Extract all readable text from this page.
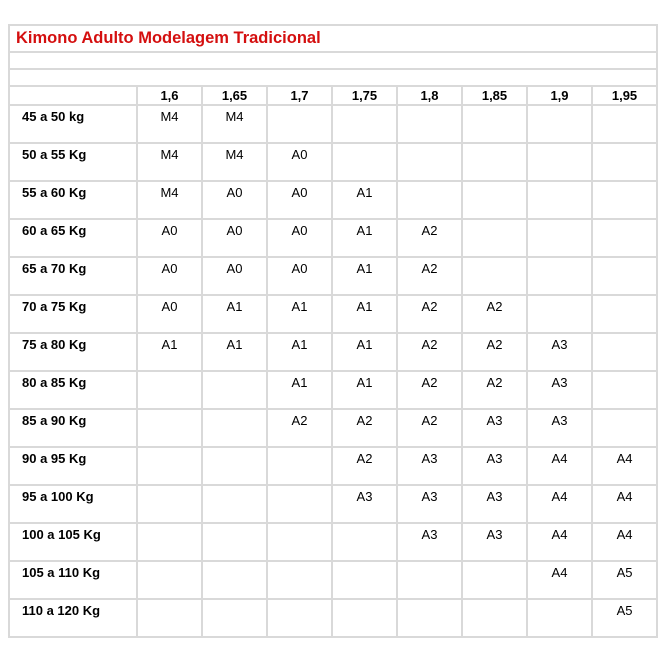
Kimono Adulto Modelagem Tradicional								

	1,6	1,65	1,7	1,75	1,8	1,85	1,9	1,95
45 a 50 kg	M4	M4						
50 a 55 Kg	M4	M4	A0					
55 a 60 Kg	M4	A0	A0	A1				
60 a 65 Kg	A0	A0	A0	A1	A2			
65 a 70 Kg	A0	A0	A0	A1	A2			
70 a 75 Kg	A0	A1	A1	A1	A2	A2		
75 a 80 Kg	A1	A1	A1	A1	A2	A2	A3	
80 a 85 Kg			A1	A1	A2	A2	A3	
85 a 90 Kg			A2	A2	A2	A3	A3	
90 a 95 Kg				A2	A3	A3	A4	A4
95 a 100 Kg				A3	A3	A3	A4	A4
100 a 105 Kg					A3	A3	A4	A4
105 a 110 Kg							A4	A5
110 a 120 Kg								A5
